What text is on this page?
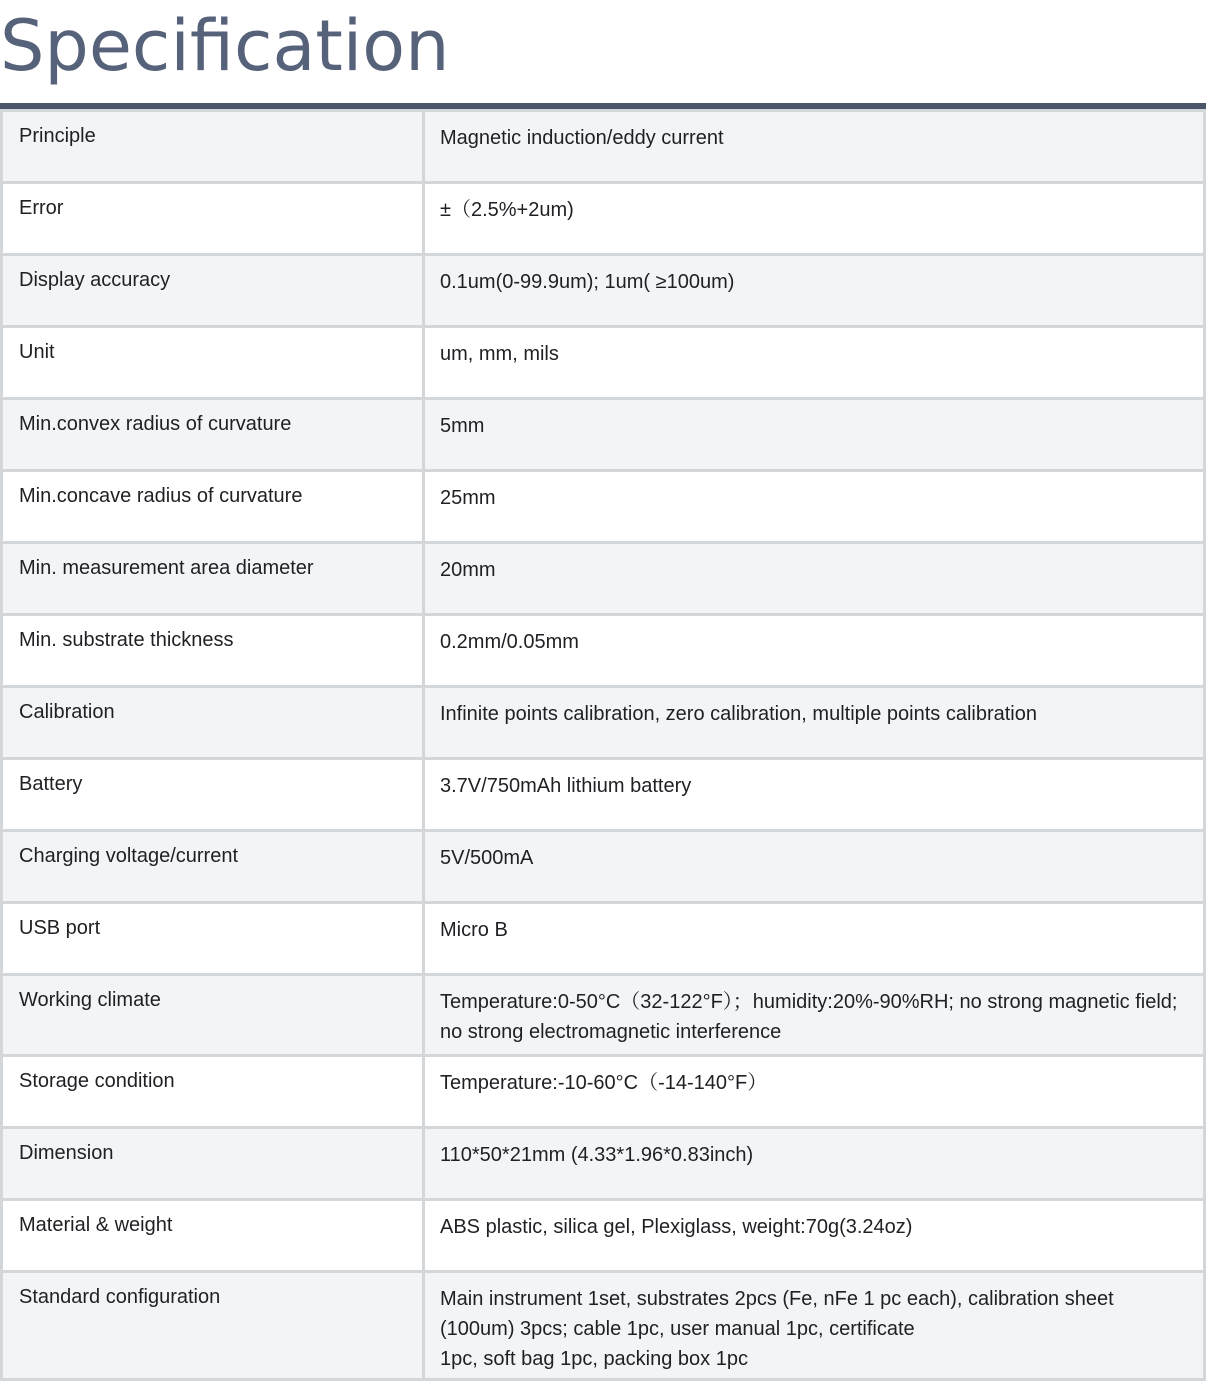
Specification
Principle	Magnetic induction/eddy current
Error	±（2.5%+2um)
Display accuracy	0.1um(0-99.9um); 1um( ≥100um)
Unit	um, mm, mils
Min.convex radius of curvature	5mm
Min.concave radius of curvature	25mm
Min. measurement area diameter	20mm
Min. substrate thickness	0.2mm/0.05mm
Calibration	Infinite points calibration, zero calibration, multiple points calibration
Battery	3.7V/750mAh lithium battery
Charging voltage/current	5V/500mA
USB port	Micro B
Working climate	Temperature:0-50°C（32-122°F）；humidity:20%-90%RH; no strong magnetic field; no strong electromagnetic interference
Storage condition	Temperature:-10-60°C（-14-140°F）
Dimension	110*50*21mm (4.33*1.96*0.83inch)
Material & weight	ABS plastic, silica gel, Plexiglass, weight:70g(3.24oz)
Standard configuration	Main instrument 1set, substrates 2pcs (Fe, nFe 1 pc each), calibration sheet (100um) 3pcs; cable 1pc, user manual 1pc, certificate
1pc, soft bag 1pc, packing box 1pc
